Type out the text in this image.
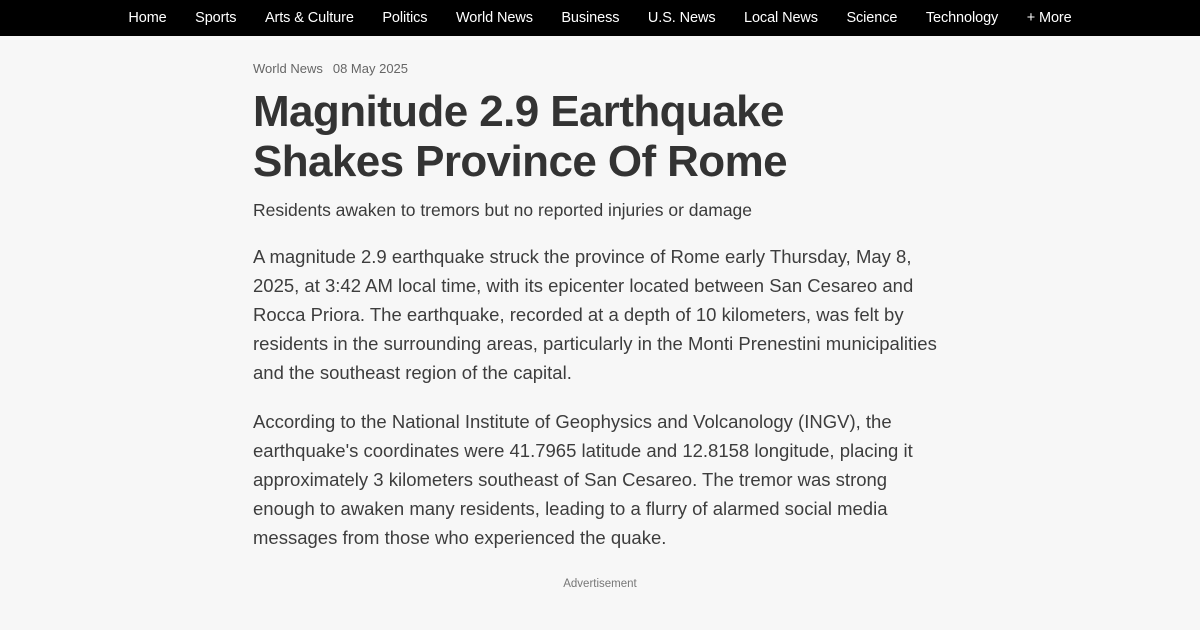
Home Sports Arts & Culture Politics World News Business U.S. News Local News Science Technology + More
World News 08 May 2025
Magnitude 2.9 Earthquake Shakes Province Of Rome

Residents awaken to tremors but no reported injuries or damage

A magnitude 2.9 earthquake struck the province of Rome early Thursday, May 8, 2025, at 3:42 AM local time, with its epicenter located between San Cesareo and Rocca Priora. The earthquake, recorded at a depth of 10 kilometers, was felt by residents in the surrounding areas, particularly in the Monti Prenestini municipalities and the southeast region of the capital.

According to the National Institute of Geophysics and Volcanology (INGV), the earthquake's coordinates were 41.7965 latitude and 12.8158 longitude, placing it approximately 3 kilometers southeast of San Cesareo. The tremor was strong enough to awaken many residents, leading to a flurry of alarmed social media messages from those who experienced the quake.

Advertisement
